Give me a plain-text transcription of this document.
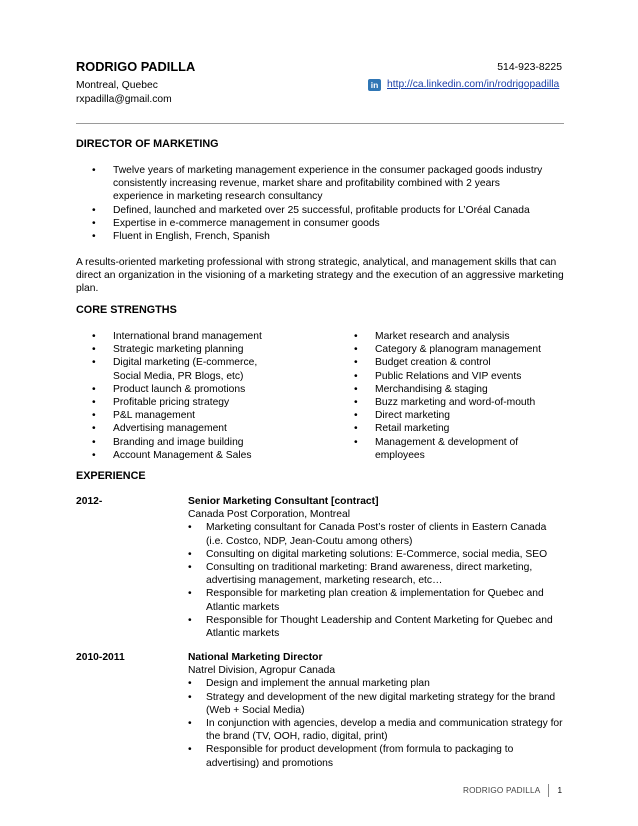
RODRIGO PADILLA	514-923-8225
Montreal, Quebec	in http://ca.linkedin.com/in/rodrigopadilla
rxpadilla@gmail.com
DIRECTOR OF MARKETING
• Twelve years of marketing management experience in the consumer packaged goods industry consistently increasing revenue, market share and profitability combined with 2 years experience in marketing research consultancy
• Defined, launched and marketed over 25 successful, profitable products for L’Oréal Canada
• Expertise in e-commerce management in consumer goods
• Fluent in English, French, Spanish
A results-oriented marketing professional with strong strategic, analytical, and management skills that can direct an organization in the visioning of a marketing strategy and the execution of an aggressive marketing plan.
CORE STRENGTHS
• International brand management
• Strategic marketing planning
• Digital marketing (E-commerce, Social Media, PR Blogs, etc)
• Product launch & promotions
• Profitable pricing strategy
• P&L management
• Advertising management
• Branding and image building
• Account Management & Sales
• Market research and analysis
• Category & planogram management
• Budget creation & control
• Public Relations and VIP events
• Merchandising & staging
• Buzz marketing and word-of-mouth
• Direct marketing
• Retail marketing
• Management & development of employees
EXPERIENCE
2012-	Senior Marketing Consultant [contract]
Canada Post Corporation, Montreal
• Marketing consultant for Canada Post’s roster of clients in Eastern Canada (i.e. Costco, NDP, Jean-Coutu among others)
• Consulting on digital marketing solutions: E-Commerce, social media, SEO
• Consulting on traditional marketing: Brand awareness, direct marketing, advertising management, marketing research, etc…
• Responsible for marketing plan creation & implementation for Quebec and Atlantic markets
• Responsible for Thought Leadership and Content Marketing for Quebec and Atlantic markets
2010-2011	National Marketing Director
Natrel Division, Agropur Canada
• Design and implement the annual marketing plan
• Strategy and development of the new digital marketing strategy for the brand (Web + Social Media)
• In conjunction with agencies, develop a media and communication strategy for the brand (TV, OOH, radio, digital, print)
• Responsible for product development (from formula to packaging to advertising) and promotions
RODRIGO PADILLA 1
